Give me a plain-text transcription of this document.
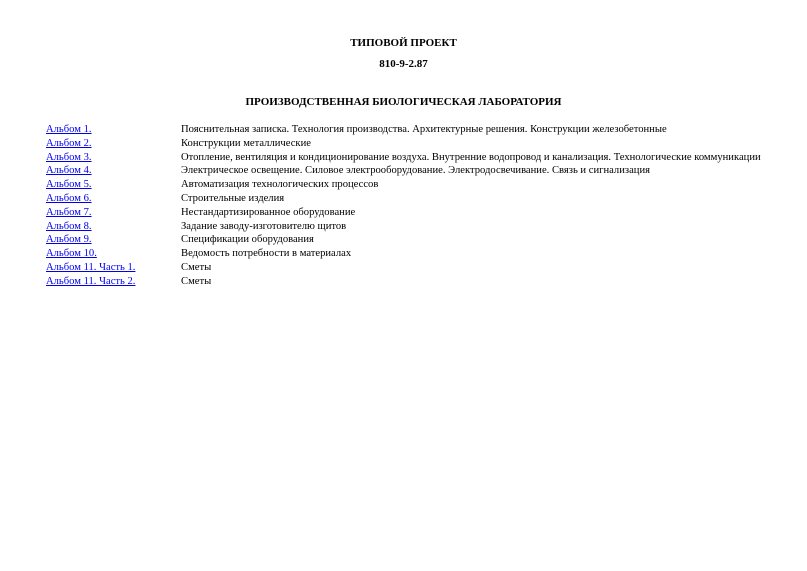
ТИПОВОЙ ПРОЕКТ
810-9-2.87
ПРОИЗВОДСТВЕННАЯ БИОЛОГИЧЕСКАЯ ЛАБОРАТОРИЯ
Альбом 1.	Пояснительная записка. Технология производства. Архитектурные решения. Конструкции железобетонные
Альбом 2.	Конструкции металлические
Альбом 3.	Отопление, вентиляция и кондиционирование воздуха. Внутренние водопровод и канализация. Технологические коммуникации
Альбом 4.	Электрическое освещение. Силовое электрооборудование. Электродосвечивание. Связь и сигнализация
Альбом 5.	Автоматизация технологических процессов
Альбом 6.	Строительные изделия
Альбом 7.	Нестандартизированное оборудование
Альбом 8.	Задание заводу-изготовителю щитов
Альбом 9.	Спецификации оборудования
Альбом 10.	Ведомость потребности в материалах
Альбом 11. Часть 1.	Сметы
Альбом 11. Часть 2.	Сметы
